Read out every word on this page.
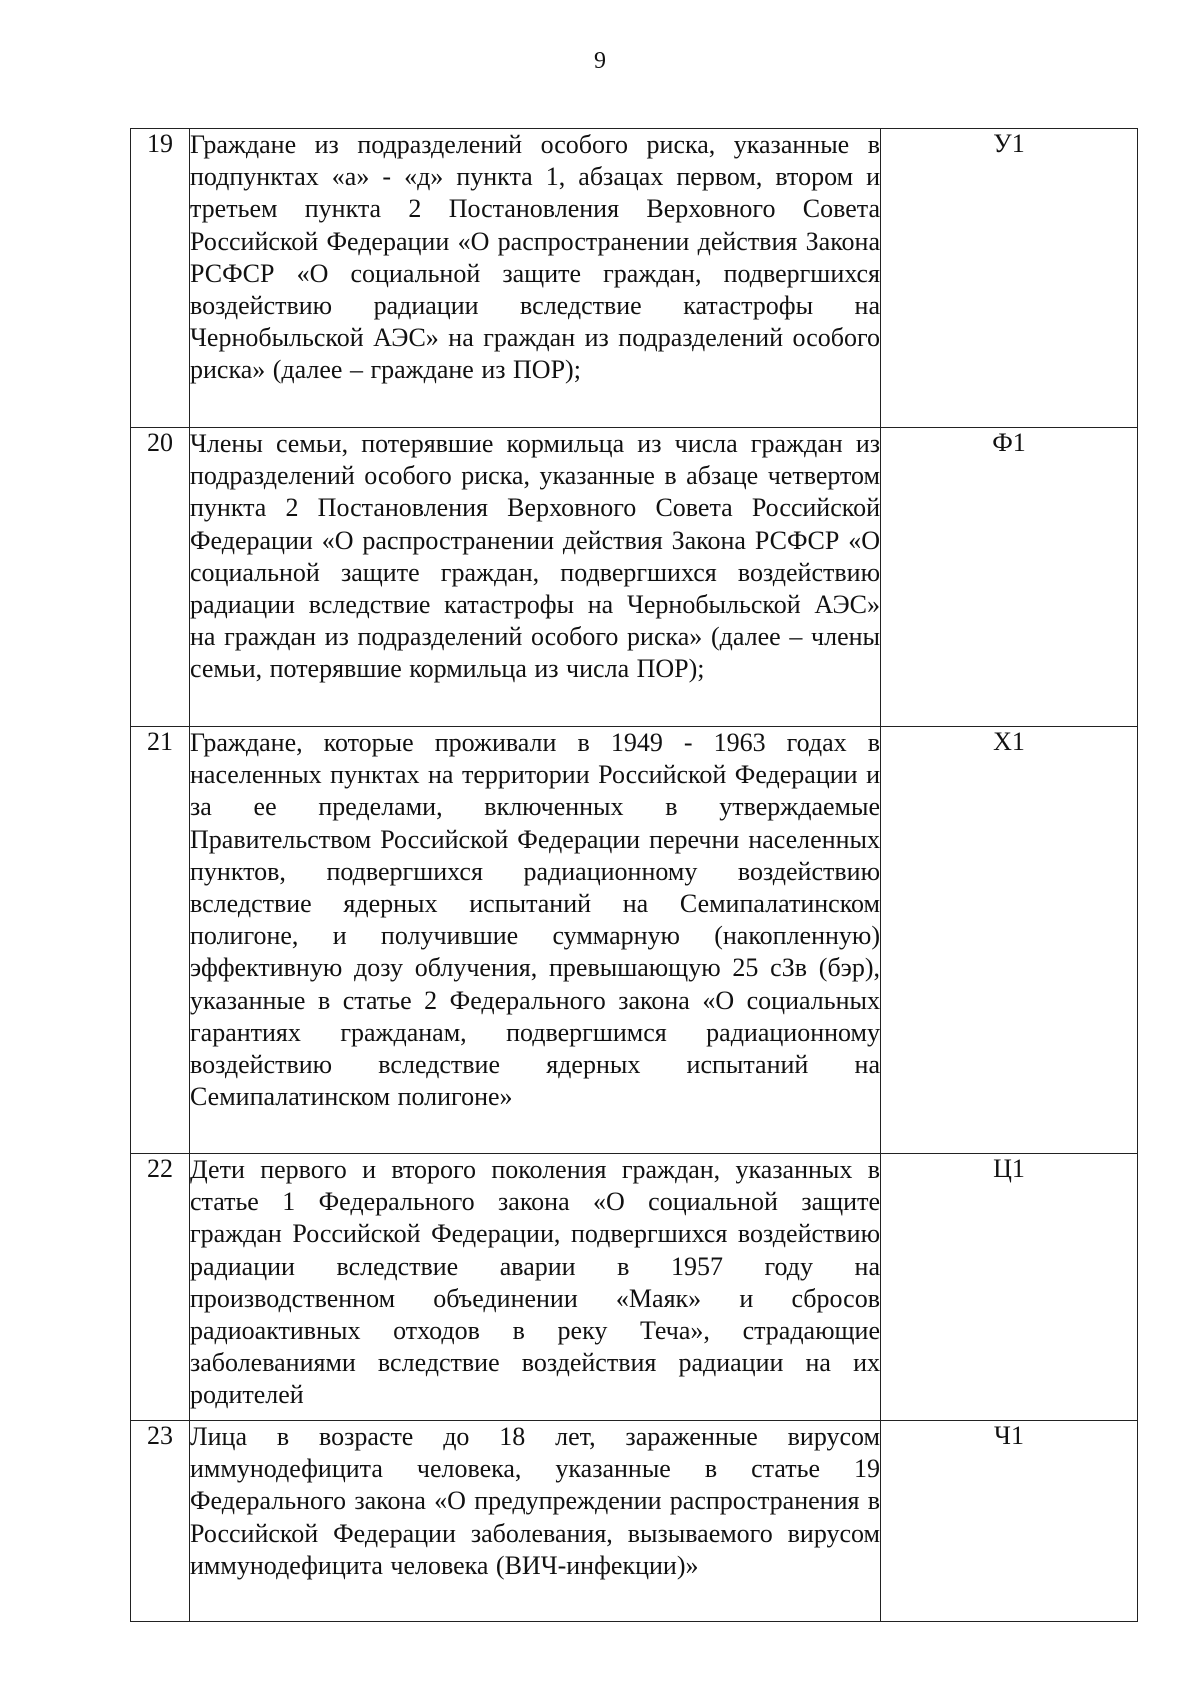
9
19	Граждане из подразделений особого риска, указанные в подпунктах «а» - «д» пункта 1, абзацах первом, втором и третьем пункта 2 Постановления Верховного Совета Российской Федерации «О распространении действия Закона РСФСР «О социальной защите граждан, подвергшихся воздействию радиации вследствие катастрофы на Чернобыльской АЭС» на граждан из подразделений особого риска» (далее – граждане из ПОР);	У1
20	Члены семьи, потерявшие кормильца из числа граждан из подразделений особого риска, указанные в абзаце четвертом пункта 2 Постановления Верховного Совета Российской Федерации «О распространении действия Закона РСФСР «О социальной защите граждан, подвергшихся воздействию радиации вследствие катастрофы на Чернобыльской АЭС» на граждан из подразделений особого риска» (далее – члены семьи, потерявшие кормильца из числа ПОР);	Ф1
21	Граждане, которые проживали в 1949 - 1963 годах в населенных пунктах на территории Российской Федерации и за ее пределами, включенных в утверждаемые Правительством Российской Федерации перечни населенных пунктов, подвергшихся радиационному воздействию вследствие ядерных испытаний на Семипалатинском полигоне, и получившие суммарную (накопленную) эффективную дозу облучения, превышающую 25 сЗв (бэр), указанные в статье 2 Федерального закона «О социальных гарантиях гражданам, подвергшимся радиационному воздействию вследствие ядерных испытаний на Семипалатинском полигоне»	Х1
22	Дети первого и второго поколения граждан, указанных в статье 1 Федерального закона «О социальной защите граждан Российской Федерации, подвергшихся воздействию радиации вследствие аварии в 1957 году на производственном объединении «Маяк» и сбросов радиоактивных отходов в реку Теча», страдающие заболеваниями вследствие воздействия радиации на их родителей	Ц1
23	Лица в возрасте до 18 лет, зараженные вирусом иммунодефицита человека, указанные в статье 19 Федерального закона «О предупреждении распространения в Российской Федерации заболевания, вызываемого вирусом иммунодефицита человека (ВИЧ-инфекции)»	Ч1
